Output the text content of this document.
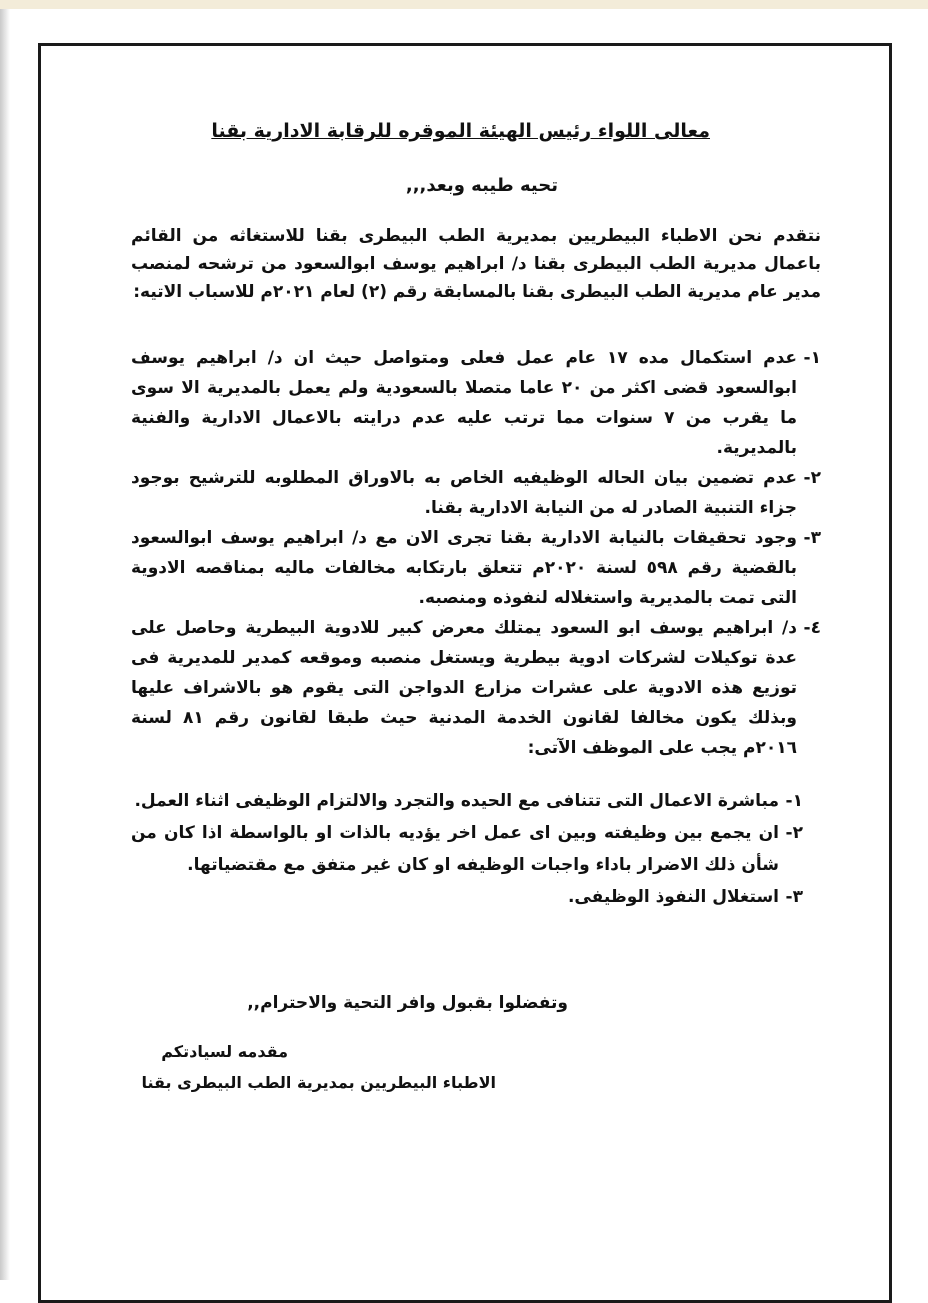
معالى اللواء رئيس الهيئة الموقره للرقابة الادارية بقنا
تحيه طيبه وبعد,,,
نتقدم نحن الاطباء البيطريين بمديرية الطب البيطرى بقنا للاستغاثه من القائم باعمال مديرية الطب البيطرى بقنا د/ ابراهيم يوسف ابوالسعود من ترشحه لمنصب مدير عام مديرية الطب البيطرى بقنا بالمسابقة رقم (٢) لعام ٢٠٢١م للاسباب الاتيه:
١-
عدم استكمال مده ١٧ عام عمل فعلى ومتواصل حيث ان د/ ابراهيم يوسف ابوالسعود قضى اكثر من ٢٠ عاما متصلا بالسعودية ولم يعمل بالمديرية الا سوى ما يقرب من ٧ سنوات مما ترتب عليه عدم درايته بالاعمال الادارية والفنية بالمديرية.
٢-
عدم تضمين بيان الحاله الوظيفيه الخاص به بالاوراق المطلوبه للترشيح بوجود جزاء التنبية الصادر له من النيابة الادارية بقنا.
٣-
وجود تحقيقات بالنيابة الادارية بقنا تجرى الان مع د/ ابراهيم يوسف ابوالسعود بالقضية رقم ٥٩٨ لسنة ٢٠٢٠م تتعلق بارتكابه مخالفات ماليه بمناقصه الادوية التى تمت بالمديرية واستغلاله لنفوذه ومنصبه.
٤-
د/ ابراهيم يوسف ابو السعود يمتلك معرض كبير للادوية البيطرية وحاصل على عدة توكيلات لشركات ادوية بيطرية ويستغل منصبه وموقعه كمدير للمديرية فى توزيع هذه الادوية على عشرات مزارع الدواجن التى يقوم هو بالاشراف عليها وبذلك يكون مخالفا لقانون الخدمة المدنية حيث طبقا لقانون رقم ٨١ لسنة ٢٠١٦م يجب على الموظف الآتى:
١-
مباشرة الاعمال التى تتنافى مع الحيده والتجرد والالتزام الوظيفى اثناء العمل.
٢-
ان يجمع بين وظيفته وبين اى عمل اخر يؤديه بالذات او بالواسطة اذا كان من شأن ذلك الاضرار باداء واجبات الوظيفه او كان غير متفق مع مقتضياتها.
٣-
استغلال النفوذ الوظيفى.
وتفضلوا بقبول وافر التحية والاحترام,,
مقدمه لسيادتكم
الاطباء البيطريين بمديرية الطب البيطرى بقنا
